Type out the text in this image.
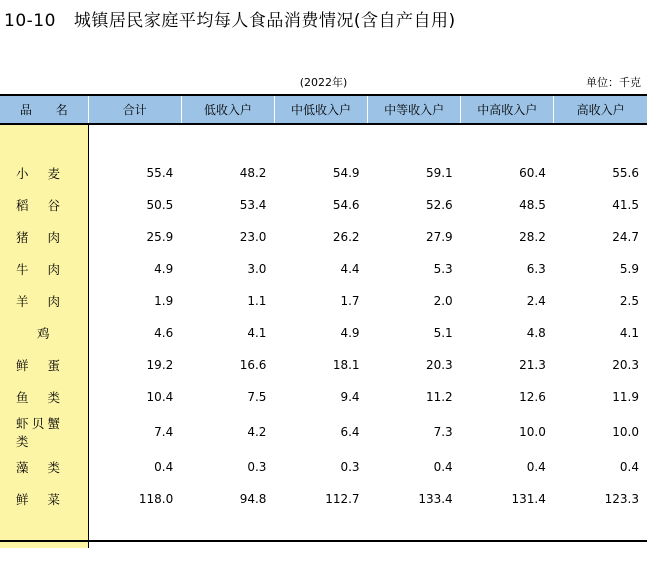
10-10 城镇居民家庭平均每人食品消费情况(含自产自用)
(2022年)	单位：千克
品　名	合计	低收入户	中低收入户	中等收入户	中高收入户	高收入户

小　麦	55.4	48.2	54.9	59.1	60.4	55.6
稻　谷	50.5	53.4	54.6	52.6	48.5	41.5
猪　肉	25.9	23.0	26.2	27.9	28.2	24.7
牛　肉	4.9	3.0	4.4	5.3	6.3	5.9
羊　肉	1.9	1.1	1.7	2.0	2.4	2.5
鸡	4.6	4.1	4.9	5.1	4.8	4.1
鲜　蛋	19.2	16.6	18.1	20.3	21.3	20.3
鱼　类	10.4	7.5	9.4	11.2	12.6	11.9
虾贝蟹类	7.4	4.2	6.4	7.3	10.0	10.0
藻　类	0.4	0.3	0.3	0.4	0.4	0.4
鲜　菜	118.0	94.8	112.7	133.4	131.4	123.3
